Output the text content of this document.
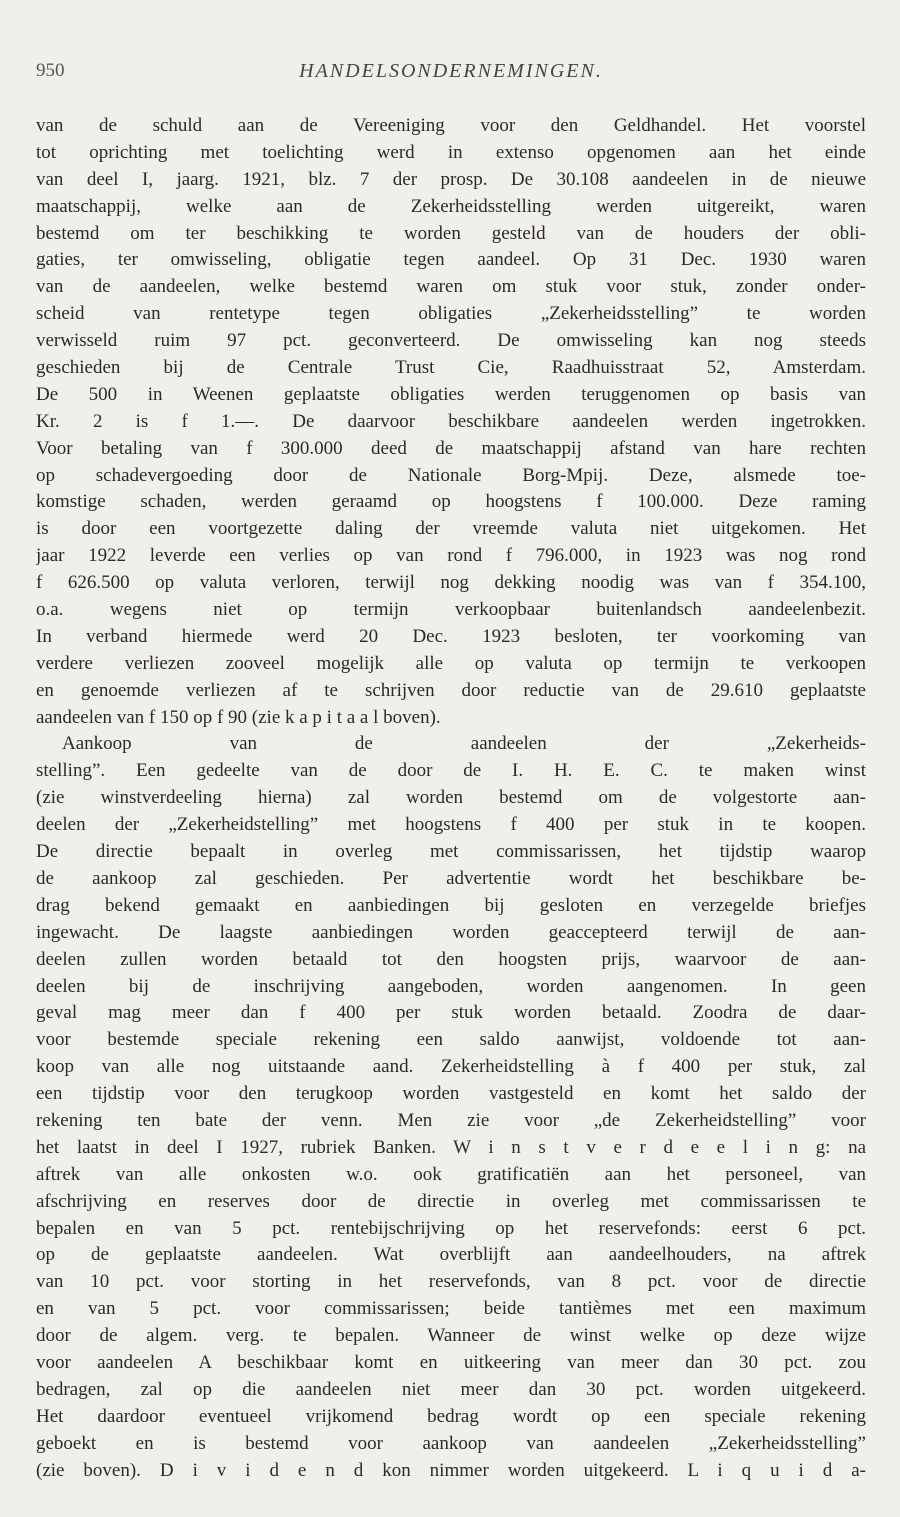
950	HANDELSONDERNEMINGEN.
van de schuld aan de Vereeniging voor den Geldhandel. Het voorstel
tot oprichting met toelichting werd in extenso opgenomen aan het einde
van deel I, jaarg. 1921, blz. 7 der prosp. De 30.108 aandeelen in de nieuwe
maatschappij, welke aan de Zekerheidsstelling werden uitgereikt, waren
bestemd om ter beschikking te worden gesteld van de houders der obli-
gaties, ter omwisseling, obligatie tegen aandeel. Op 31 Dec. 1930 waren
van de aandeelen, welke bestemd waren om stuk voor stuk, zonder onder-
scheid van rentetype tegen obligaties „Zekerheidsstelling” te worden
verwisseld ruim 97 pct. geconverteerd. De omwisseling kan nog steeds
geschieden bij de Centrale Trust Cie, Raadhuisstraat 52, Amsterdam.
De 500 in Weenen geplaatste obligaties werden teruggenomen op basis van
Kr. 2 is f 1.—. De daarvoor beschikbare aandeelen werden ingetrokken.
Voor betaling van f 300.000 deed de maatschappij afstand van hare rechten
op schadevergoeding door de Nationale Borg-Mpij. Deze, alsmede toe-
komstige schaden, werden geraamd op hoogstens f 100.000. Deze raming
is door een voortgezette daling der vreemde valuta niet uitgekomen. Het
jaar 1922 leverde een verlies op van rond f 796.000, in 1923 was nog rond
f 626.500 op valuta verloren, terwijl nog dekking noodig was van f 354.100,
o.a. wegens niet op termijn verkoopbaar buitenlandsch aandeelenbezit.
In verband hiermede werd 20 Dec. 1923 besloten, ter voorkoming van
verdere verliezen zooveel mogelijk alle op valuta op termijn te verkoopen
en genoemde verliezen af te schrijven door reductie van de 29.610 geplaatste
aandeelen van f 150 op f 90 (zie k a p i t a a l boven).
Aankoop van de aandeelen der „Zekerheids-
stelling”. Een gedeelte van de door de I. H. E. C. te maken winst
(zie winstverdeeling hierna) zal worden bestemd om de volgestorte aan-
deelen der „Zekerheidstelling” met hoogstens f 400 per stuk in te koopen.
De directie bepaalt in overleg met commissarissen, het tijdstip waarop
de aankoop zal geschieden. Per advertentie wordt het beschikbare be-
drag bekend gemaakt en aanbiedingen bij gesloten en verzegelde briefjes
ingewacht. De laagste aanbiedingen worden geaccepteerd terwijl de aan-
deelen zullen worden betaald tot den hoogsten prijs, waarvoor de aan-
deelen bij de inschrijving aangeboden, worden aangenomen. In geen
geval mag meer dan f 400 per stuk worden betaald. Zoodra de daar-
voor bestemde speciale rekening een saldo aanwijst, voldoende tot aan-
koop van alle nog uitstaande aand. Zekerheidstelling à f 400 per stuk, zal
een tijdstip voor den terugkoop worden vastgesteld en komt het saldo der
rekening ten bate der venn. Men zie voor „de Zekerheidstelling” voor
het laatst in deel I 1927, rubriek Banken. W i n s t v e r d e e l i n g: na
aftrek van alle onkosten w.o. ook gratificatiën aan het personeel, van
afschrijving en reserves door de directie in overleg met commissarissen te
bepalen en van 5 pct. rentebijschrijving op het reservefonds: eerst 6 pct.
op de geplaatste aandeelen. Wat overblijft aan aandeelhouders, na aftrek
van 10 pct. voor storting in het reservefonds, van 8 pct. voor de directie
en van 5 pct. voor commissarissen; beide tantièmes met een maximum
door de algem. verg. te bepalen. Wanneer de winst welke op deze wijze
voor aandeelen A beschikbaar komt en uitkeering van meer dan 30 pct. zou
bedragen, zal op die aandeelen niet meer dan 30 pct. worden uitgekeerd.
Het daardoor eventueel vrijkomend bedrag wordt op een speciale rekening
geboekt en is bestemd voor aankoop van aandeelen „Zekerheidsstelling”
(zie boven). D i v i d e n d kon nimmer worden uitgekeerd. L i q u i d a-
